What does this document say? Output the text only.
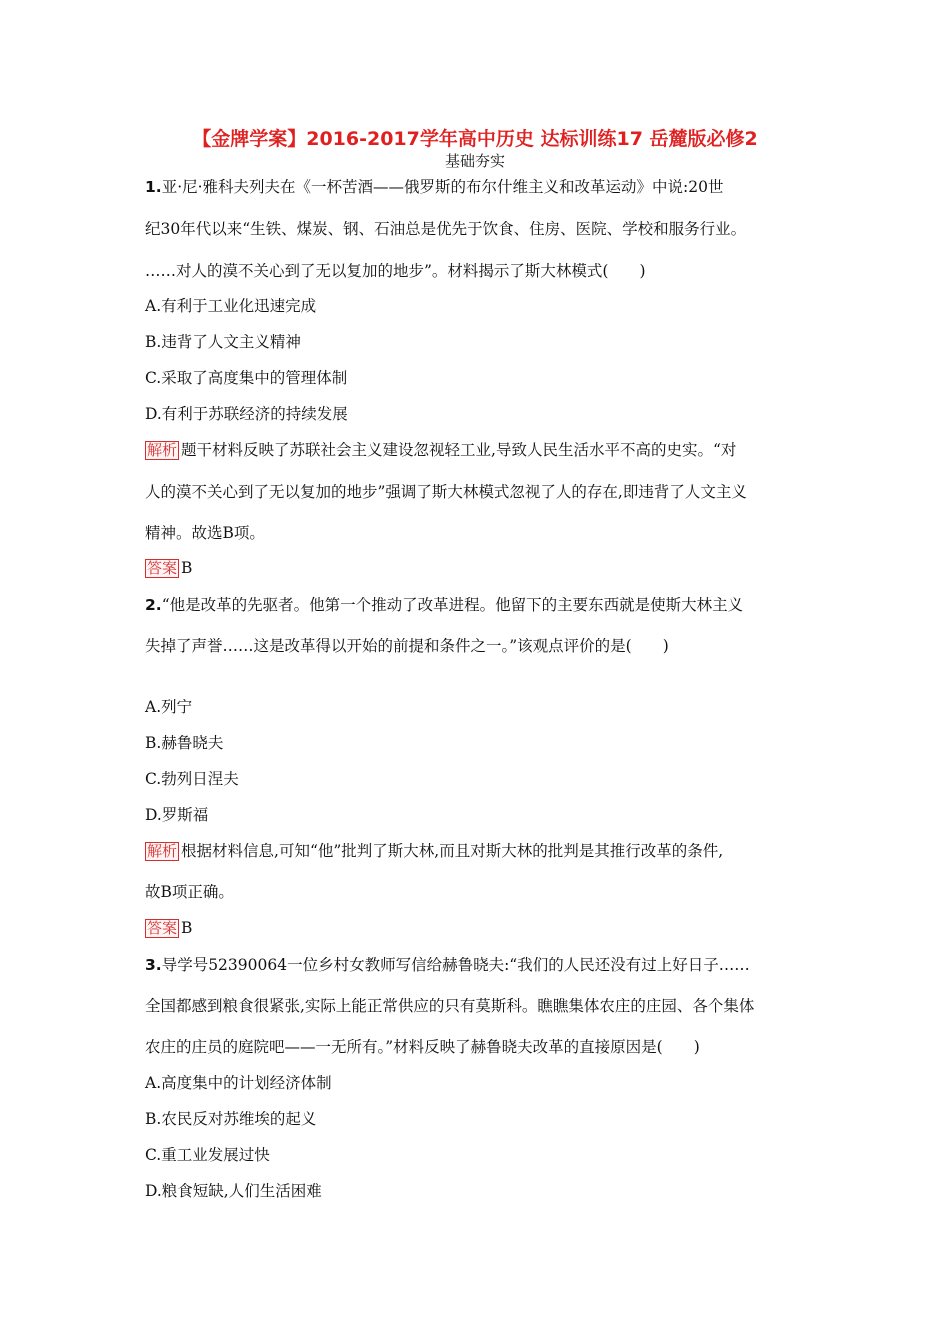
【金牌学案】2016-2017学年高中历史 达标训练17 岳麓版必修2
基础夯实
1.亚·尼·雅科夫列夫在《一杯苦酒——俄罗斯的布尔什维主义和改革运动》中说:20世
纪30年代以来“生铁、煤炭、钢、石油总是优先于饮食、住房、医院、学校和服务行业。
……对人的漠不关心到了无以复加的地步”。材料揭示了斯大林模式(　　)
A.有利于工业化迅速完成
B.违背了人文主义精神
C.采取了高度集中的管理体制
D.有利于苏联经济的持续发展
解析 题干材料反映了苏联社会主义建设忽视轻工业,导致人民生活水平不高的史实。“对
人的漠不关心到了无以复加的地步”强调了斯大林模式忽视了人的存在,即违背了人文主义
精神。故选B项。
答案 B
2.“他是改革的先驱者。他第一个推动了改革进程。他留下的主要东西就是使斯大林主义
失掉了声誉……这是改革得以开始的前提和条件之一。”该观点评价的是(　　)
A.列宁
B.赫鲁晓夫
C.勃列日涅夫
D.罗斯福
解析 根据材料信息,可知“他”批判了斯大林,而且对斯大林的批判是其推行改革的条件,
故B项正确。
答案 B
3.导学号52390064一位乡村女教师写信给赫鲁晓夫:“我们的人民还没有过上好日子……
全国都感到粮食很紧张,实际上能正常供应的只有莫斯科。瞧瞧集体农庄的庄园、各个集体
农庄的庄员的庭院吧——一无所有。”材料反映了赫鲁晓夫改革的直接原因是(　　)
A.高度集中的计划经济体制
B.农民反对苏维埃的起义
C.重工业发展过快
D.粮食短缺,人们生活困难
